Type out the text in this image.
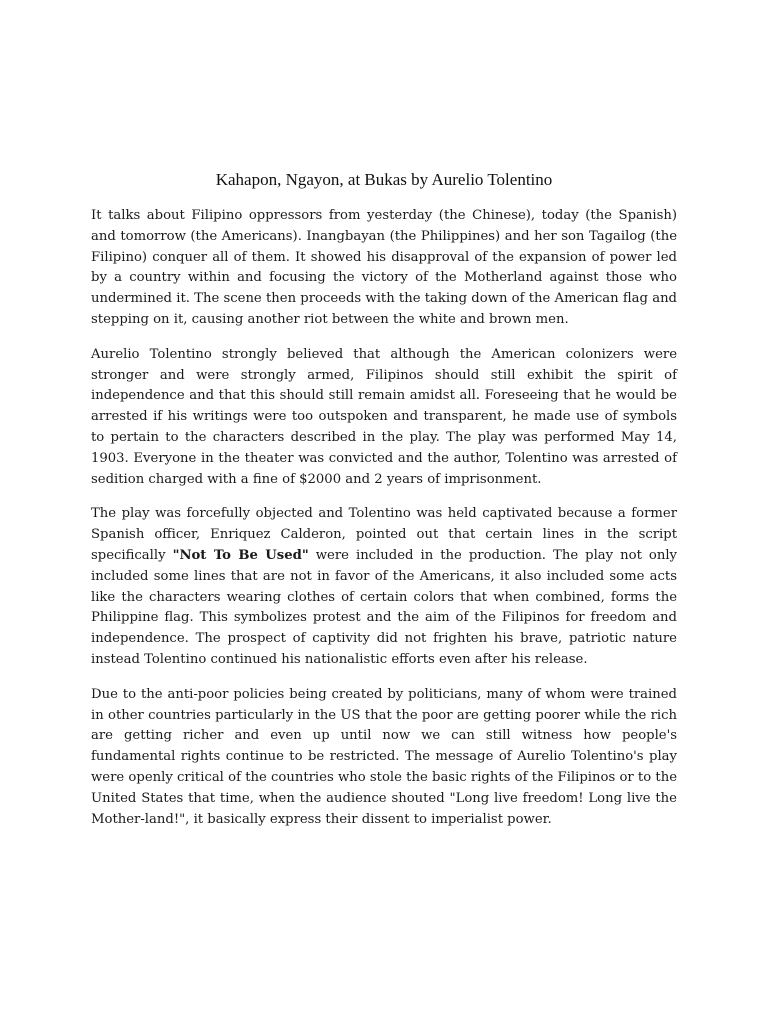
Kahapon, Ngayon, at Bukas by Aurelio Tolentino

It talks about Filipino oppressors from yesterday (the Chinese), today (the Spanish) and tomorrow (the Americans). Inangbayan (the Philippines) and her son Tagailog (the Filipino) conquer all of them. It showed his disapproval of the expansion of power led by a country within and focusing the victory of the Motherland against those who undermined it. The scene then proceeds with the taking down of the American flag and stepping on it, causing another riot between the white and brown men.

Aurelio Tolentino strongly believed that although the American colonizers were stronger and were strongly armed, Filipinos should still exhibit the spirit of independence and that this should still remain amidst all. Foreseeing that he would be arrested if his writings were too outspoken and transparent, he made use of symbols to pertain to the characters described in the play. The play was performed May 14, 1903. Everyone in the theater was convicted and the author, Tolentino was arrested of sedition charged with a fine of $2000 and 2 years of imprisonment.

The play was forcefully objected and Tolentino was held captivated because a former Spanish officer, Enriquez Calderon, pointed out that certain lines in the script specifically "Not To Be Used" were included in the production. The play not only included some lines that are not in favor of the Americans, it also included some acts like the characters wearing clothes of certain colors that when combined, forms the Philippine flag. This symbolizes protest and the aim of the Filipinos for freedom and independence. The prospect of captivity did not frighten his brave, patriotic nature instead Tolentino continued his nationalistic efforts even after his release.

Due to the anti-poor policies being created by politicians, many of whom were trained in other countries particularly in the US that the poor are getting poorer while the rich are getting richer and even up until now we can still witness how people's fundamental rights continue to be restricted. The message of Aurelio Tolentino's play were openly critical of the countries who stole the basic rights of the Filipinos or to the United States that time, when the audience shouted "Long live freedom! Long live the Mother-land!", it basically express their dissent to imperialist power.
